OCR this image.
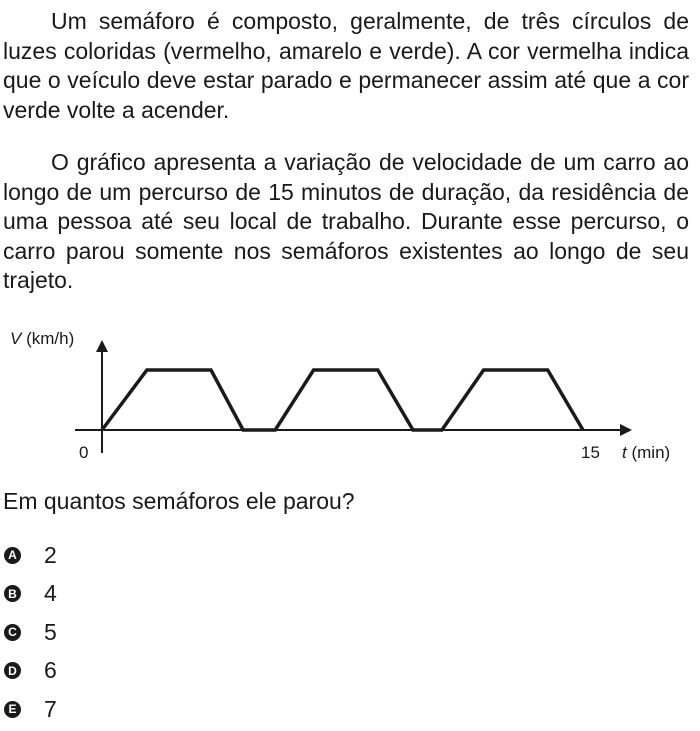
Um semáforo é composto, geralmente, de três círculos de luzes coloridas (vermelho, amarelo e verde). A cor vermelha indica que o veículo deve estar parado e permanecer assim até que a cor verde volte a acender.

O gráfico apresenta a variação de velocidade de um carro ao longo de um percurso de 15 minutos de duração, da residência de uma pessoa até seu local de trabalho. Durante esse percurso, o carro parou somente nos semáforos existentes ao longo de seu trajeto.

V (km/h)
0	15 t (min)

Em quantos semáforos ele parou?

A 2
B 4
C 5
D 6
E 7
